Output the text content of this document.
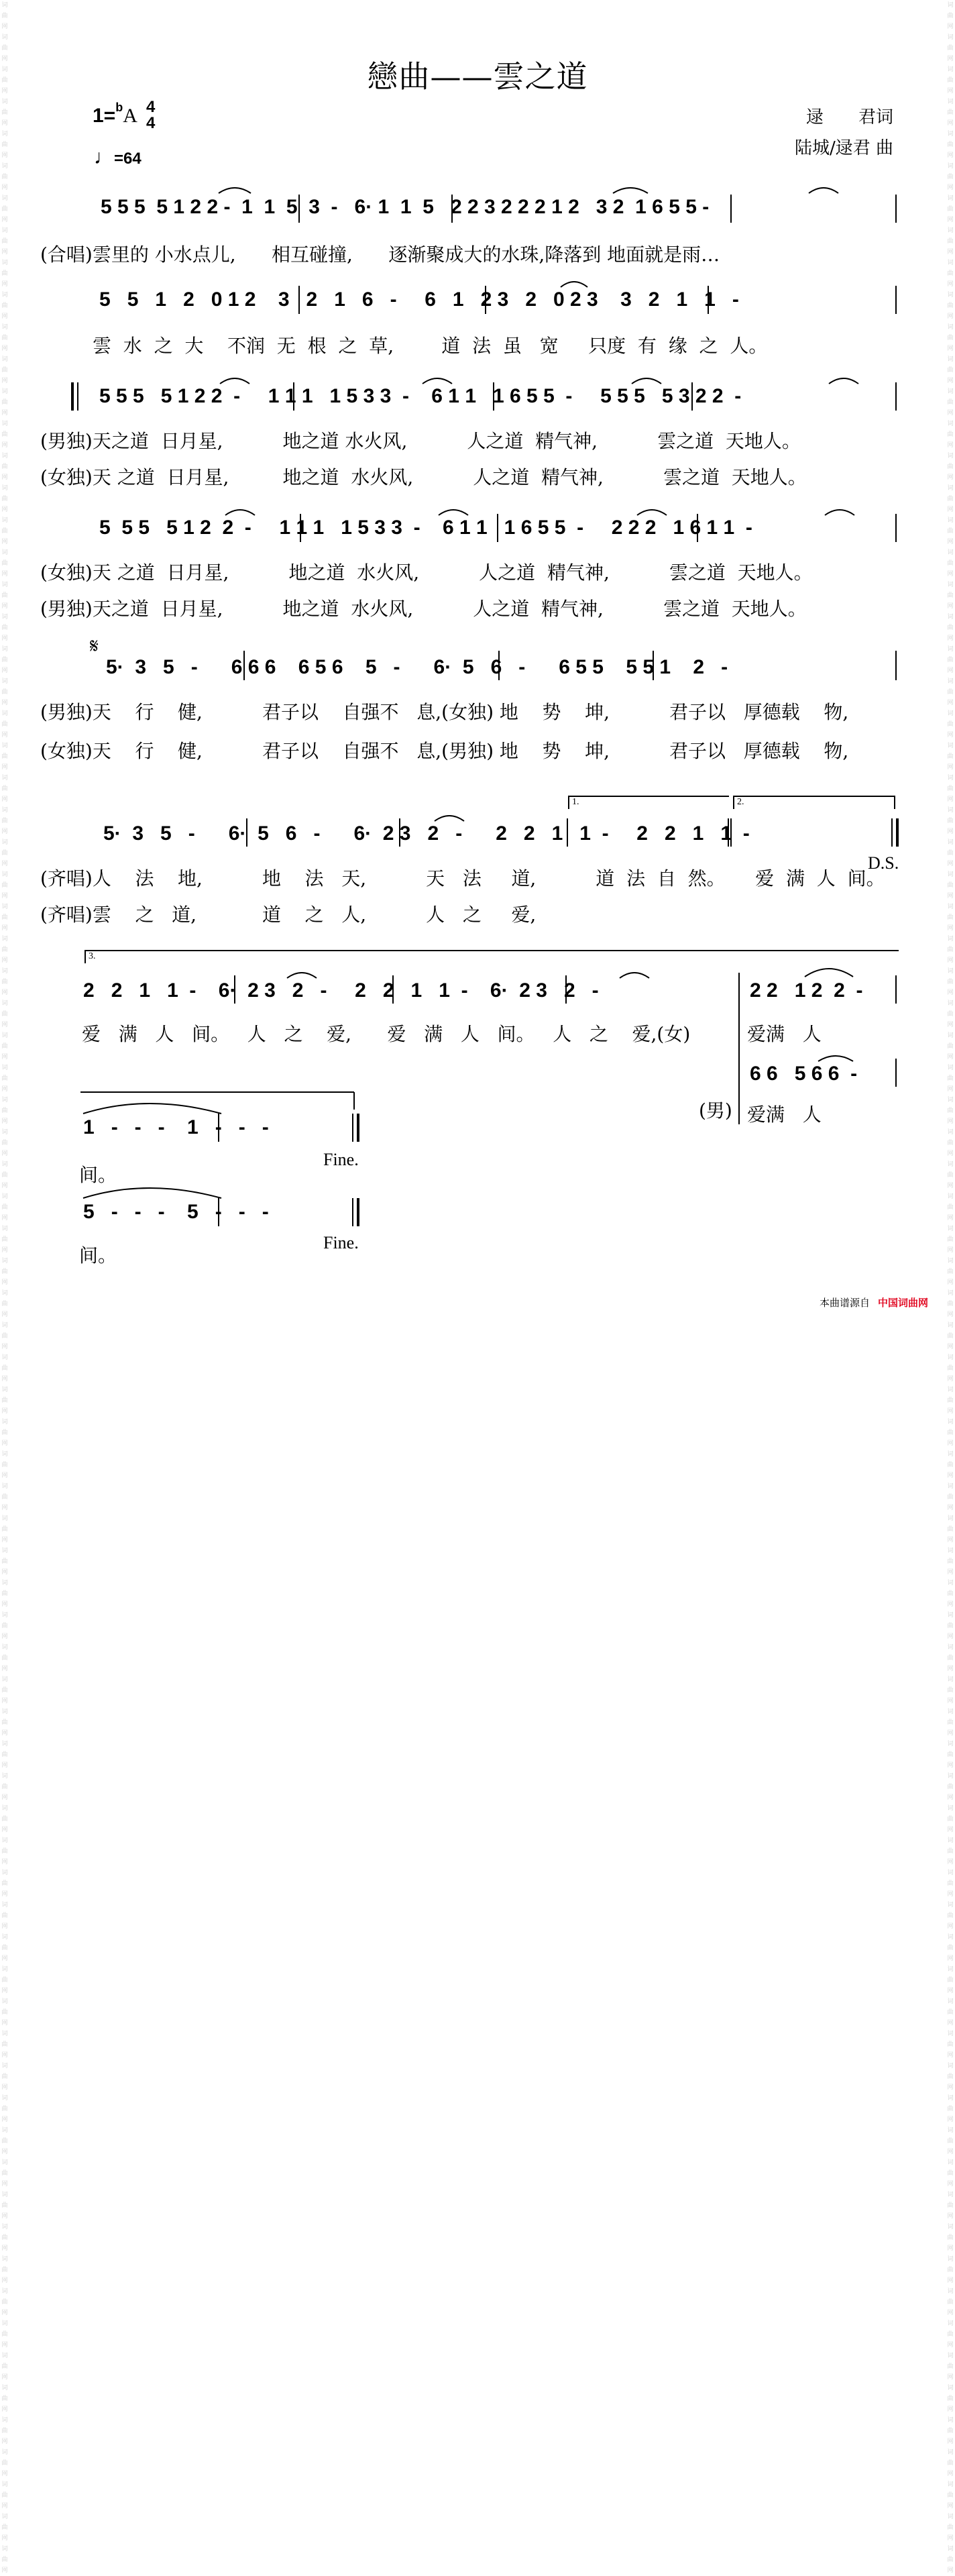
词曲网词曲网词曲网词曲网词曲网词曲网词曲网词曲网词曲网词曲网词曲网词曲网词曲网词曲网词曲网词曲网词曲网词曲网词曲网词曲网词曲网词曲网词曲网词曲网词曲网词曲网词曲网词曲网词曲网词曲网词曲网词曲网词曲网词曲网词曲网词曲网词曲网词曲网词曲网词曲网词曲网词曲网词曲网词曲网词曲网词曲网词曲网词曲网词曲网词曲网词曲网词曲网词曲网词曲网词曲网词曲网词曲网词曲网词曲网词曲网词曲网词曲网词曲网词曲网词曲网词曲网词曲网词曲网词曲网词曲网词曲网词曲网词曲网词曲网词曲网词曲网词曲网词曲网词曲网词曲网
词曲网词曲网词曲网词曲网词曲网词曲网词曲网词曲网词曲网词曲网词曲网词曲网词曲网词曲网词曲网词曲网词曲网词曲网词曲网词曲网词曲网词曲网词曲网词曲网词曲网词曲网词曲网词曲网词曲网词曲网词曲网词曲网词曲网词曲网词曲网词曲网词曲网词曲网词曲网词曲网词曲网词曲网词曲网词曲网词曲网词曲网词曲网词曲网词曲网词曲网词曲网词曲网词曲网词曲网词曲网词曲网词曲网词曲网词曲网词曲网词曲网词曲网词曲网词曲网词曲网词曲网词曲网词曲网词曲网词曲网词曲网词曲网词曲网词曲网词曲网词曲网词曲网词曲网词曲网词曲网
戀曲——雲之道
1=$^b$A 4
4
♩=64
逯　　君词
陆城/逯君 曲
5 5 5  5 1 2 2 -  1  1  5  3  -   6· 1  1  5   2 2 3 2 2 2 1 2   3 2  1 6 5 5 -
(合唱)雲里的 小水点儿,      相互碰撞,      逐渐聚成大的水珠,降落到 地面就是雨…
5   5   1   2   0 1 2    3   2   1   6   -     6   1   2 3   2   0 2 3    3   2   1   1   -
雲  水  之  大    不润  无  根  之  草,        道  法  虽   宽     只度  有  缘  之  人。
5 5 5   5 1 2 2  -     1 1 1   1 5 3 3  -    6 1 1   1 6 5 5  -     5 5 5   5 3 2 2  -
(男独)天之道  日月星,          地之道 水火风,          人之道  精气神,          雲之道  天地人。
(女独)天 之道  日月星,         地之道  水火风,          人之道  精气神,          雲之道  天地人。
5  5 5   5 1 2  2  -     1 1 1   1 5 3 3  -    6 1 1   1 6 5 5  -     2 2 2   1 6 1 1  -
(女独)天 之道  日月星,          地之道  水火风,          人之道  精气神,          雲之道  天地人。
(男独)天之道  日月星,          地之道  水火风,          人之道  精气神,          雲之道  天地人。
𝄋
5·  3   5   -      6 6 6    6 5 6    5   -      6·  5   6   -      6 5 5    5 5 1    2   -
(男独)天    行    健,          君子以    自强不   息,(女独) 地    势    坤,          君子以   厚德载    物,
(女独)天    行    健,          君子以    自强不   息,(男独) 地    势    坤,          君子以   厚德载    物,
1.	2.
5·  3   5   -      6·  5   6   -      6·  2 3   2   -      2   2   1   1  -     2   2   1   1  -
(齐唱)人    法    地,          地    法   天,          天   法     道,          道  法  自  然。     爱  满  人  间。
D.S.
(齐唱)雲    之   道,           道    之   人,          人   之     爱,
3.
2   2   1   1  -    6·  2 3   2   -     2   2   1   1  -    6·  2 3   2   -
爱   满   人   间。   人   之    爱,      爱   满   人   间。   人   之    爱,(女)
2 2   1 2  2  -
爱满   人
6 6   5 6 6  -
(男) 爱满   人
1   -   -   -    1   -   -   -
间。
Fine.
5   -   -   -    5   -   -   -
间。
Fine.
本曲谱源自 中国词曲网
